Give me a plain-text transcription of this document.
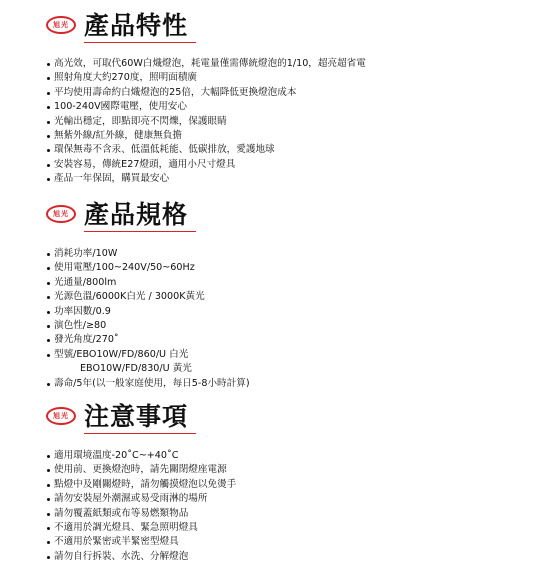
旭光 產品特性
高光效，可取代60W白熾燈泡，耗電量僅需傳統燈泡的1/10，超亮超省電
照射角度大約270度，照明面積廣
平均使用壽命約白熾燈泡的25倍，大幅降低更換燈泡成本
100-240V國際電壓，使用安心
光輸出穩定，即點即亮不閃爍，保護眼睛
無紫外線/紅外線，健康無負擔
環保無毒不含汞、低溫低耗能、低碳排放，愛護地球
安裝容易，傳統E27燈頭，適用小尺寸燈具
產品一年保固，購買最安心
旭光 產品規格
消耗功率/10W
使用電壓/100~240V/50~60Hz
光通量/800lm
光源色溫/6000K白光 / 3000K黃光
功率因數/0.9
演色性/≥80
發光角度/270˚
型號/EBO10W/FD/860/U 白光
EBO10W/FD/830/U 黃光
壽命/5年(以一般家庭使用，每日5-8小時計算)
旭光 注意事項
適用環境溫度-20˚C~+40˚C
使用前、更換燈泡時，請先關閉燈座電源
點燈中及剛關燈時，請勿觸摸燈泡以免燙手
請勿安裝屋外潮濕或易受雨淋的場所
請勿覆蓋紙類或布等易燃類物品
不適用於調光燈具、緊急照明燈具
不適用於緊密或半緊密型燈具
請勿自行拆裝、水洗、分解燈泡
